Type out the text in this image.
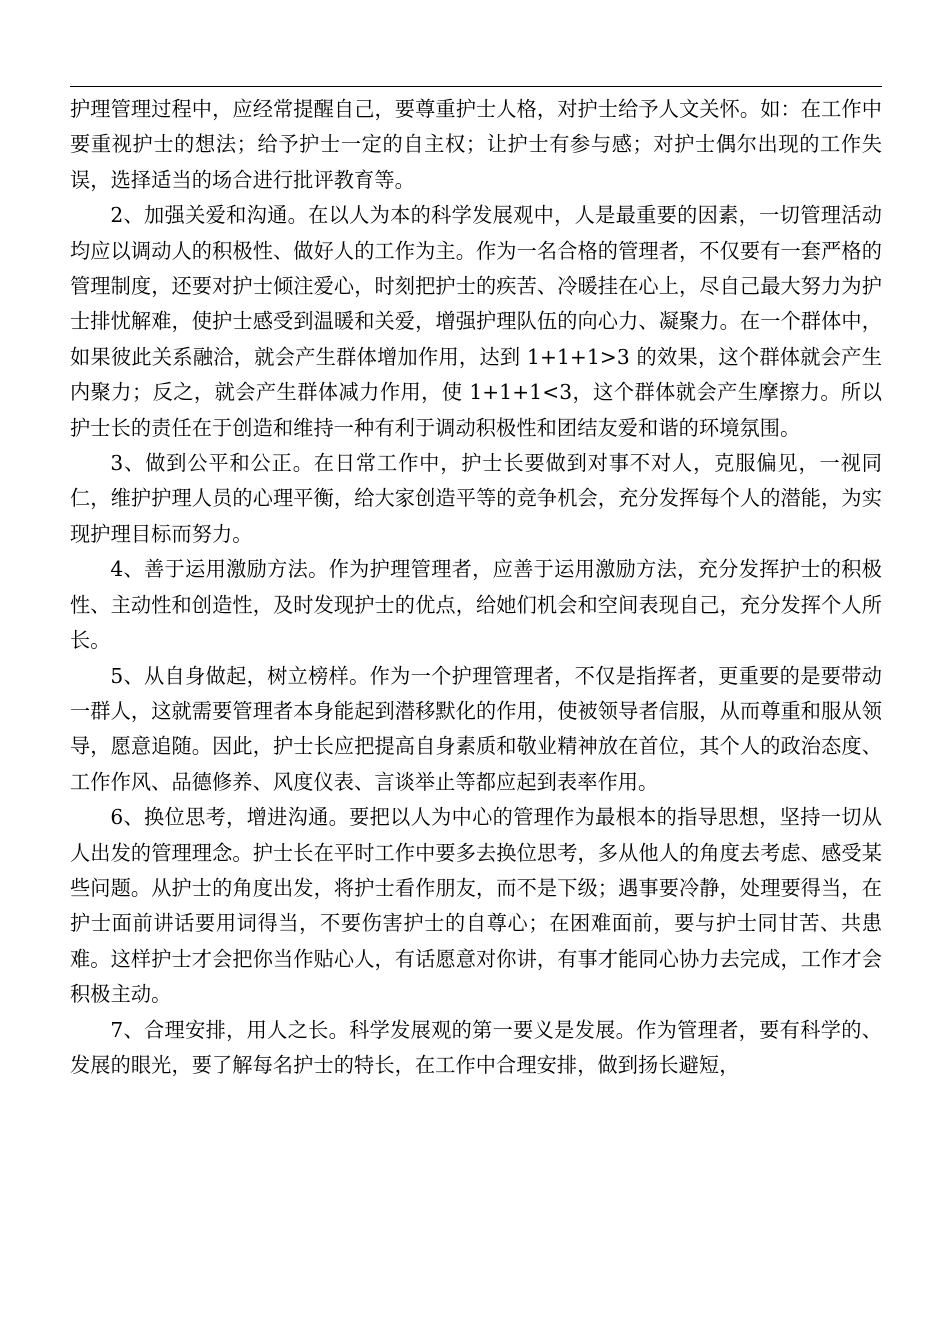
护理管理过程中，应经常提醒自己，要尊重护士人格，对护士给予人文关怀。如：在工作中要重视护士的想法；给予护士一定的自主权；让护士有参与感；对护士偶尔出现的工作失误，选择适当的场合进行批评教育等。

2、加强关爱和沟通。在以人为本的科学发展观中，人是最重要的因素，一切管理活动均应以调动人的积极性、做好人的工作为主。作为一名合格的管理者，不仅要有一套严格的管理制度，还要对护士倾注爱心，时刻把护士的疾苦、冷暖挂在心上，尽自己最大努力为护士排忧解难，使护士感受到温暖和关爱，增强护理队伍的向心力、凝聚力。在一个群体中，如果彼此关系融洽，就会产生群体增加作用，达到 1+1+1>3 的效果，这个群体就会产生内聚力；反之，就会产生群体减力作用，使 1+1+1<3，这个群体就会产生摩擦力。所以护士长的责任在于创造和维持一种有利于调动积极性和团结友爱和谐的环境氛围。

3、做到公平和公正。在日常工作中，护士长要做到对事不对人，克服偏见，一视同仁，维护护理人员的心理平衡，给大家创造平等的竞争机会，充分发挥每个人的潜能，为实现护理目标而努力。

4、善于运用激励方法。作为护理管理者，应善于运用激励方法，充分发挥护士的积极性、主动性和创造性，及时发现护士的优点，给她们机会和空间表现自己，充分发挥个人所长。

5、从自身做起，树立榜样。作为一个护理管理者，不仅是指挥者，更重要的是要带动一群人，这就需要管理者本身能起到潜移默化的作用，使被领导者信服，从而尊重和服从领导，愿意追随。因此，护士长应把提高自身素质和敬业精神放在首位，其个人的政治态度、工作作风、品德修养、风度仪表、言谈举止等都应起到表率作用。

6、换位思考，增进沟通。要把以人为中心的管理作为最根本的指导思想，坚持一切从人出发的管理理念。护士长在平时工作中要多去换位思考，多从他人的角度去考虑、感受某些问题。从护士的角度出发，将护士看作朋友，而不是下级；遇事要冷静，处理要得当，在护士面前讲话要用词得当，不要伤害护士的自尊心；在困难面前，要与护士同甘苦、共患难。这样护士才会把你当作贴心人，有话愿意对你讲，有事才能同心协力去完成，工作才会积极主动。

7、合理安排，用人之长。科学发展观的第一要义是发展。作为管理者，要有科学的、发展的眼光，要了解每名护士的特长，在工作中合理安排，做到扬长避短，
